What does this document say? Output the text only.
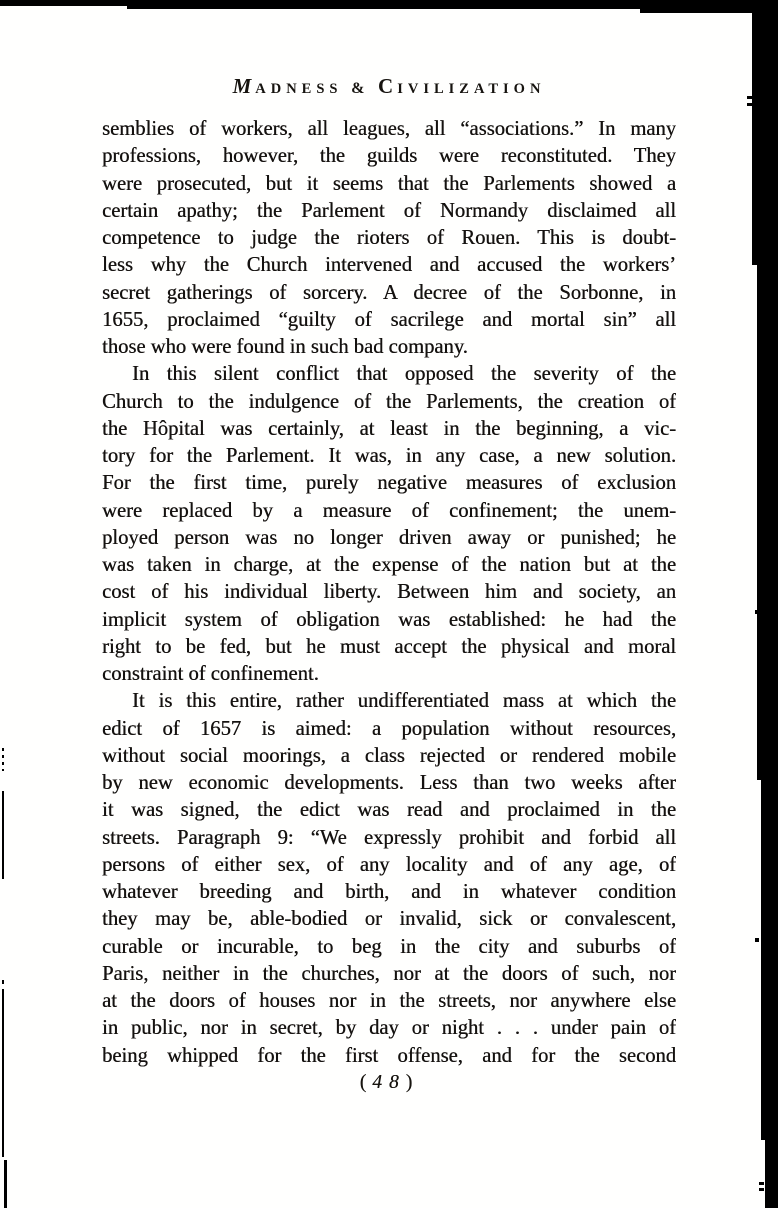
MADNESS & CIVILIZATION
semblies of workers, all leagues, all “associations.” In many
professions, however, the guilds were reconstituted. They
were prosecuted, but it seems that the Parlements showed a
certain apathy; the Parlement of Normandy disclaimed all
competence to judge the rioters of Rouen. This is doubt-
less why the Church intervened and accused the workers’
secret gatherings of sorcery. A decree of the Sorbonne, in
1655, proclaimed “guilty of sacrilege and mortal sin” all
those who were found in such bad company.
In this silent conflict that opposed the severity of the
Church to the indulgence of the Parlements, the creation of
the Hôpital was certainly, at least in the beginning, a vic-
tory for the Parlement. It was, in any case, a new solution.
For the first time, purely negative measures of exclusion
were replaced by a measure of confinement; the unem-
ployed person was no longer driven away or punished; he
was taken in charge, at the expense of the nation but at the
cost of his individual liberty. Between him and society, an
implicit system of obligation was established: he had the
right to be fed, but he must accept the physical and moral
constraint of confinement.
It is this entire, rather undifferentiated mass at which the
edict of 1657 is aimed: a population without resources,
without social moorings, a class rejected or rendered mobile
by new economic developments. Less than two weeks after
it was signed, the edict was read and proclaimed in the
streets. Paragraph 9: “We expressly prohibit and forbid all
persons of either sex, of any locality and of any age, of
whatever breeding and birth, and in whatever condition
they may be, able-bodied or invalid, sick or convalescent,
curable or incurable, to beg in the city and suburbs of
Paris, neither in the churches, nor at the doors of such, nor
at the doors of houses nor in the streets, nor anywhere else
in public, nor in secret, by day or night . . . under pain of
being whipped for the first offense, and for the second
(48)
